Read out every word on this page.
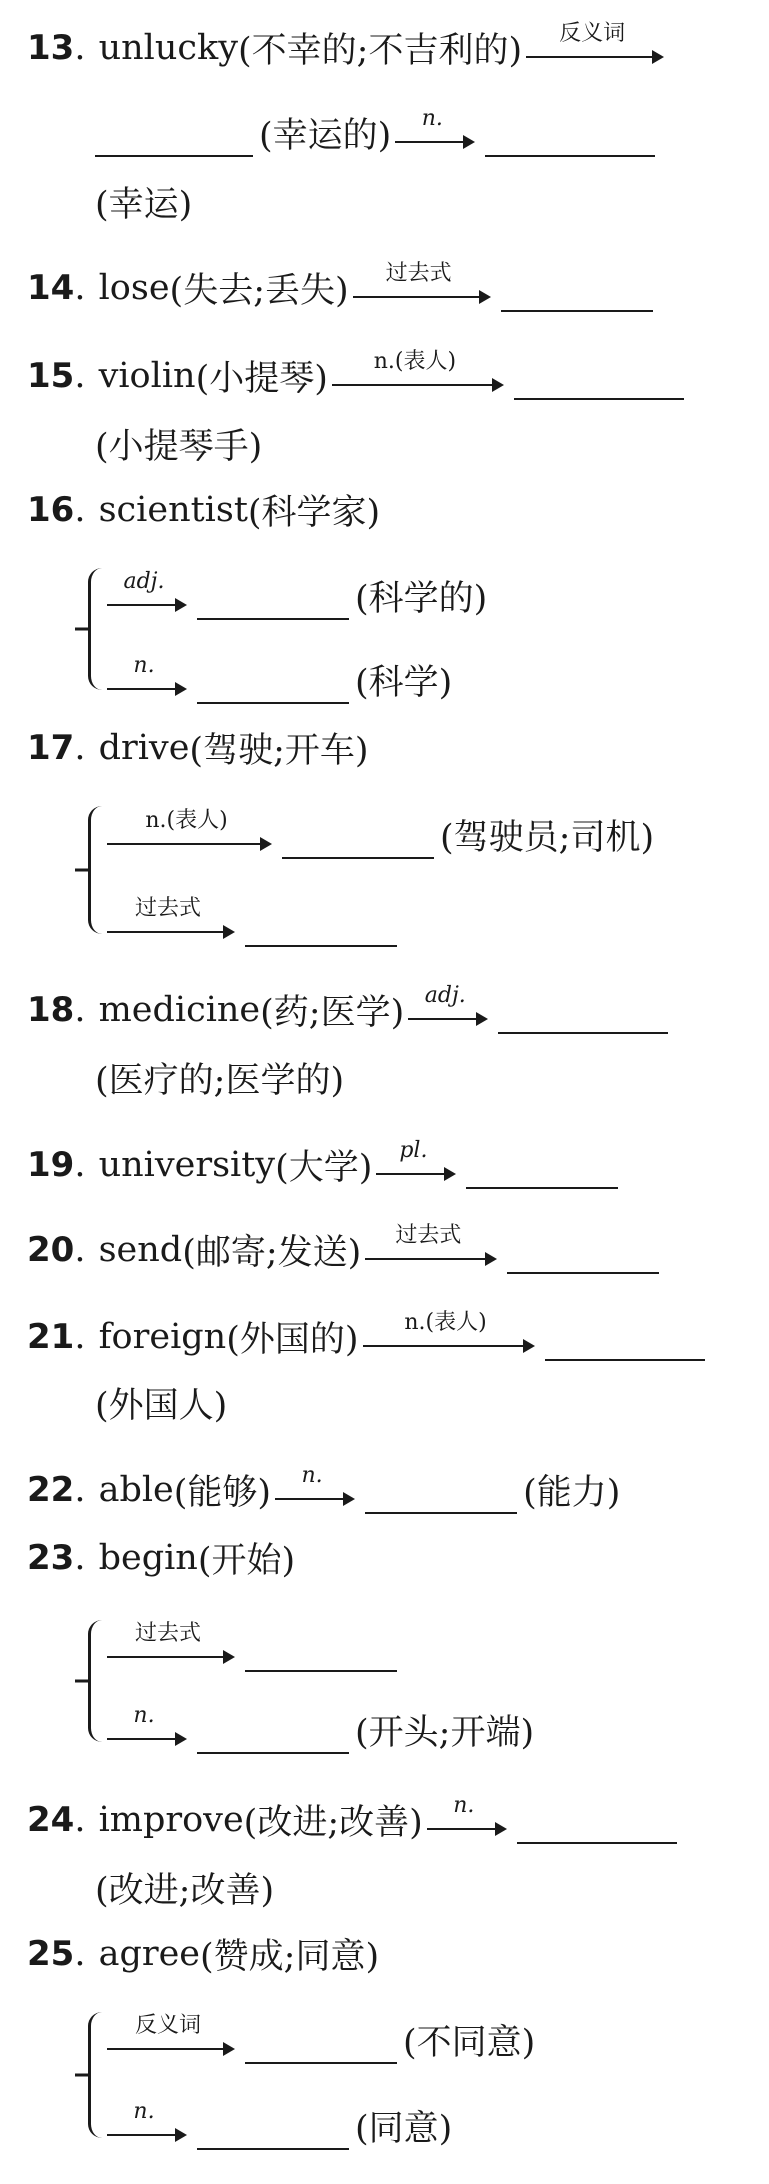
13 . unlucky (不幸的;不吉利的)	反义词
(幸运的)	n.
(幸运)
14 . lose (失去;丢失)	过去式
15 . violin (小提琴)	n.(表人)
(小提琴手)
16 . scientist (科学家)
adj.	(科学的)
n.	(科学)
17 . drive (驾驶;开车)
n.(表人)	(驾驶员;司机)
过去式
18 . medicine (药;医学) adj.
(医疗的;医学的)
19 . university (大学)	pl.
20 . send (邮寄;发送)	过去式
21 . foreign (外国的)	n.(表人)
(外国人)
22 . able (能够)	n.	(能力)
23 . begin (开始)
过去式
n.	(开头;开端)
24 . improve (改进;改善)	n.
(改进;改善)
25 . agree (赞成;同意)
反义词	(不同意)
n.	(同意)
